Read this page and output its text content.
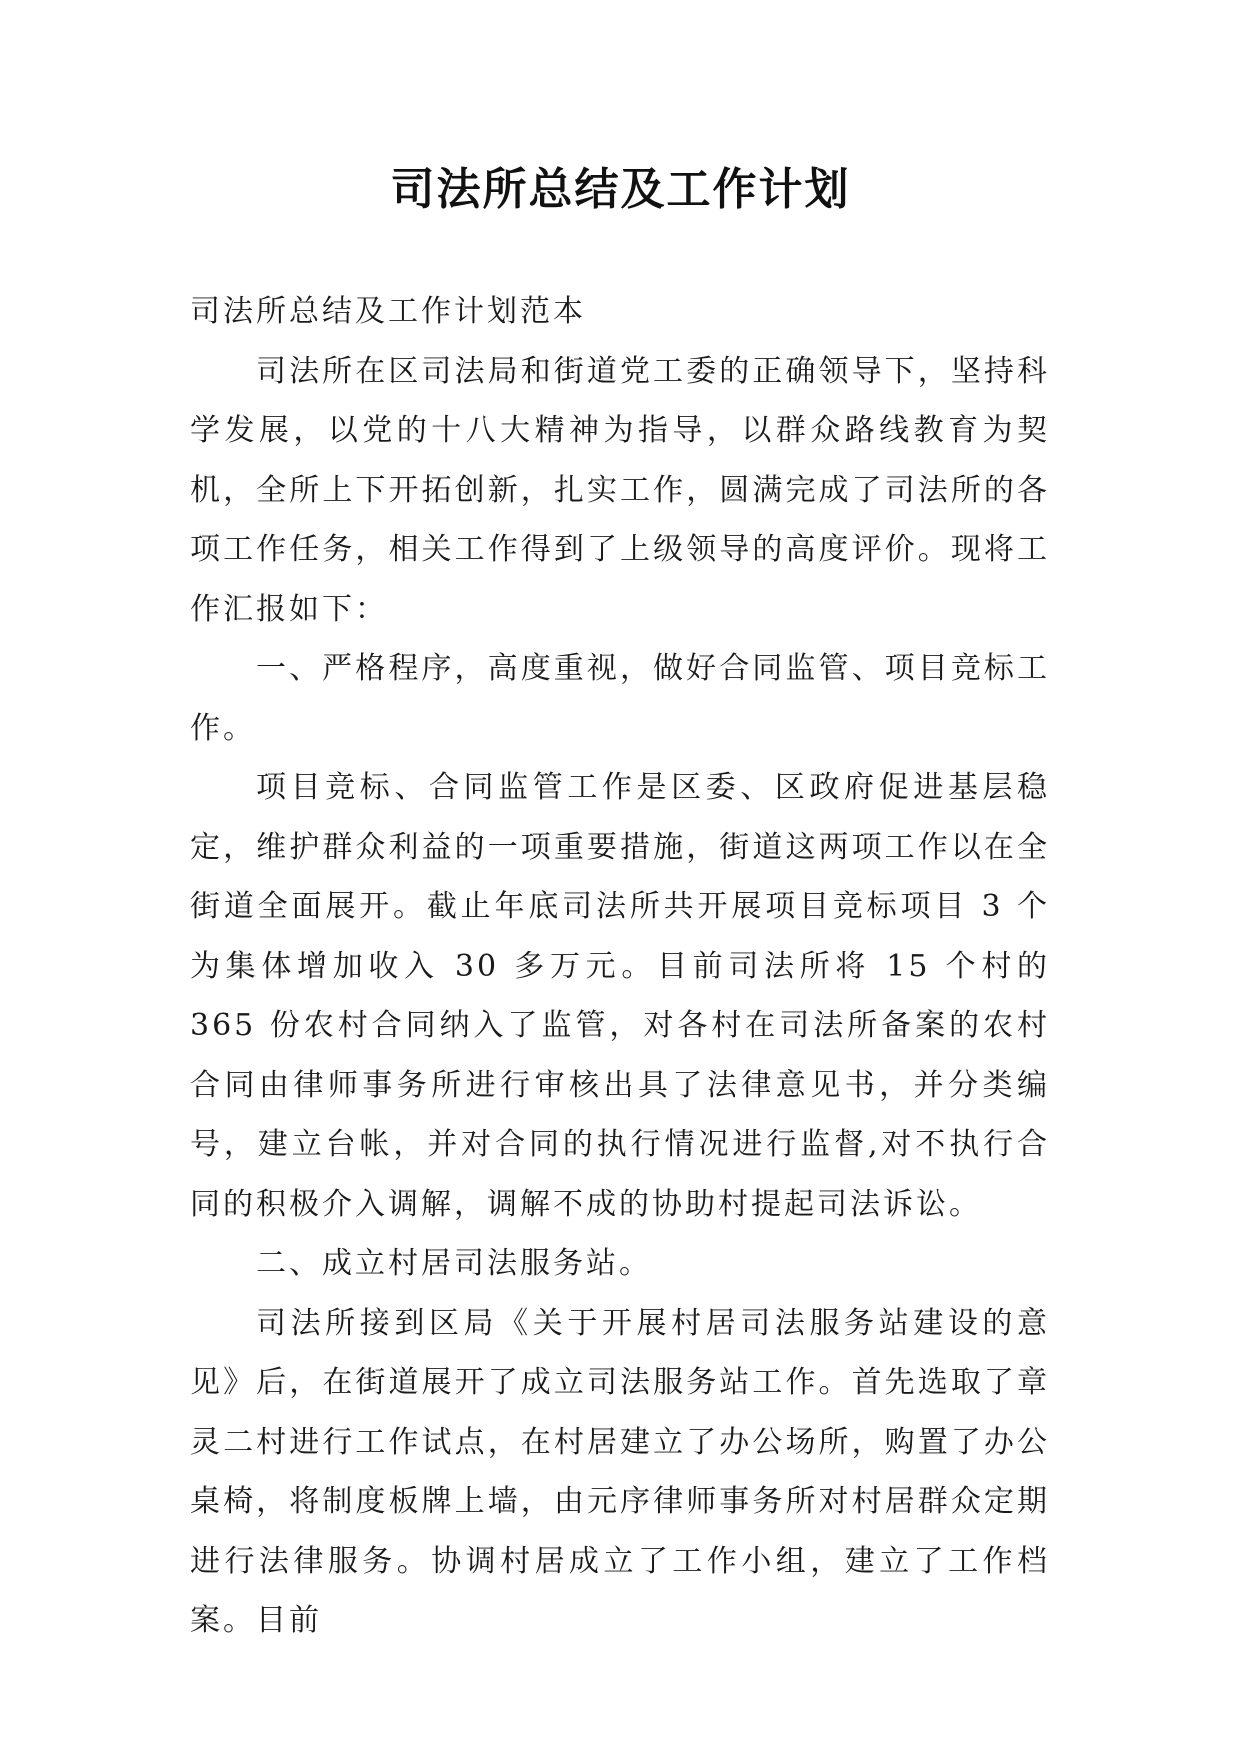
司法所总结及工作计划

司法所总结及工作计划范本

司法所在区司法局和街道党工委的正确领导下，坚持科学发展，以党的十八大精神为指导，以群众路线教育为契机，全所上下开拓创新，扎实工作，圆满完成了司法所的各项工作任务，相关工作得到了上级领导的高度评价。现将工作汇报如下：

一、严格程序，高度重视，做好合同监管、项目竞标工作。

项目竞标、合同监管工作是区委、区政府促进基层稳定，维护群众利益的一项重要措施，街道这两项工作以在全街道全面展开。截止年底司法所共开展项目竞标项目 3 个为集体增加收入 30 多万元。目前司法所将 15 个村的 365 份农村合同纳入了监管，对各村在司法所备案的农村合同由律师事务所进行审核出具了法律意见书，并分类编号，建立台帐，并对合同的执行情况进行监督,对不执行合同的积极介入调解，调解不成的协助村提起司法诉讼。

二、成立村居司法服务站。

司法所接到区局《关于开展村居司法服务站建设的意见》后，在街道展开了成立司法服务站工作。首先选取了章灵二村进行工作试点，在村居建立了办公场所，购置了办公桌椅，将制度板牌上墙，由元序律师事务所对村居群众定期进行法律服务。协调村居成立了工作小组，建立了工作档案。目前
